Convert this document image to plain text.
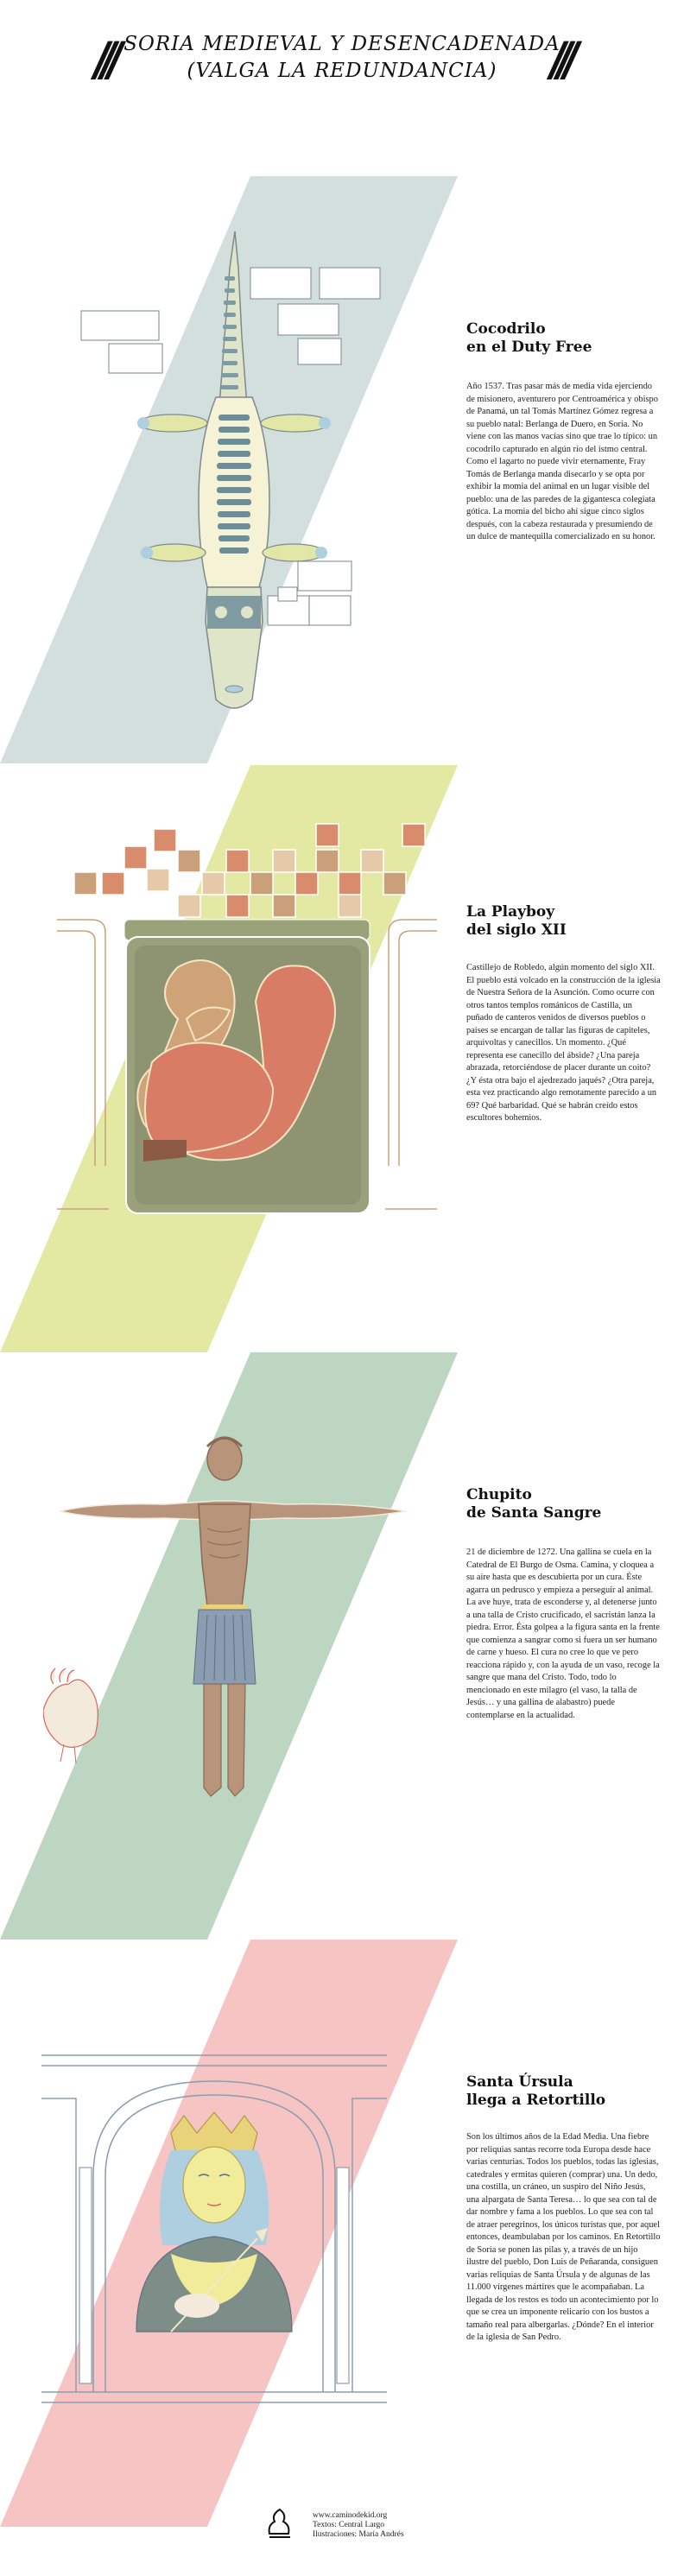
///	///
SORIA MEDIEVAL Y DESENCADENADA
(VALGA LA REDUNDANCIA)
Cocodrilo
en el Duty Free
Año 1537. Tras pasar más de media vida ejerciendo de misionero, aventurero por Centroamérica y obispo de Panamá, un tal Tomás Martínez Gómez regresa a su pueblo natal: Berlanga de Duero, en Soria. No viene con las manos vacías sino que trae lo típico: un cocodrilo capturado en algún río del istmo central. Como el lagarto no puede vivir eternamente, Fray Tomás de Berlanga manda disecarlo y se opta por exhibir la momia del animal en un lugar visible del pueblo: una de las paredes de la gigantesca colegiata gótica. La momia del bicho ahí sigue cinco siglos después, con la cabeza restaurada y presumiendo de un dulce de mantequilla comercializado en su honor.
La Playboy
del siglo XII
Castillejo de Robledo, algún momento del siglo XII. El pueblo está volcado en la construcción de la iglesia de Nuestra Señora de la Asunción. Como ocurre con otros tantos templos románicos de Castilla, un puñado de canteros venidos de diversos pueblos o países se encargan de tallar las figuras de capiteles, arquivoltas y canecillos. Un momento. ¿Qué representa ese canecillo del ábside? ¿Una pareja abrazada, retorciéndose de placer durante un coito? ¿Y ésta otra bajo el ajedrezado jaqués? ¿Otra pareja, esta vez practicando algo remotamente parecido a un 69? Qué barbaridad. Qué se habrán creído estos escultores bohemios.
Chupito
de Santa Sangre
21 de diciembre de 1272. Una gallina se cuela en la Catedral de El Burgo de Osma. Camina, y cloquea a su aire hasta que es descubierta por un cura. Éste agarra un pedrusco y empieza a perseguir al animal. La ave huye, trata de esconderse y, al detenerse junto a una talla de Cristo crucificado, el sacristán lanza la piedra. Error. Ésta golpea a la figura santa en la frente que comienza a sangrar como si fuera un ser humano de carne y hueso. El cura no cree lo que ve pero reacciona rápido y, con la ayuda de un vaso, recoge la sangre que mana del Cristo. Todo, todo lo mencionado en este milagro (el vaso, la talla de Jesús… y una gallina de alabastro) puede contemplarse en la actualidad.
Santa Úrsula
llega a Retortillo
Son los últimos años de la Edad Media. Una fiebre por reliquias santas recorre toda Europa desde hace varias centurias. Todos los pueblos, todas las iglesias, catedrales y ermitas quieren (comprar) una. Un dedo, una costilla, un cráneo, un suspiro del Niño Jesús, una alpargata de Santa Teresa… lo que sea con tal de dar nombre y fama a los pueblos. Lo que sea con tal de atraer peregrinos, los únicos turistas que, por aquel entonces, deambulaban por los caminos. En Retortillo de Soria se ponen las pilas y, a través de un hijo ilustre del pueblo, Don Luis de Peñaranda, consiguen varias reliquias de Santa Úrsula y de algunas de las 11.000 vírgenes mártires que le acompañaban. La llegada de los restos es todo un acontecimiento por lo que se crea un imponente relicario con los bustos a tamaño real para albergarlas. ¿Dónde? En el interior de la iglesia de San Pedro.
www.caminodekid.org
Textos: Central Largo
Ilustraciones: María Andrés
